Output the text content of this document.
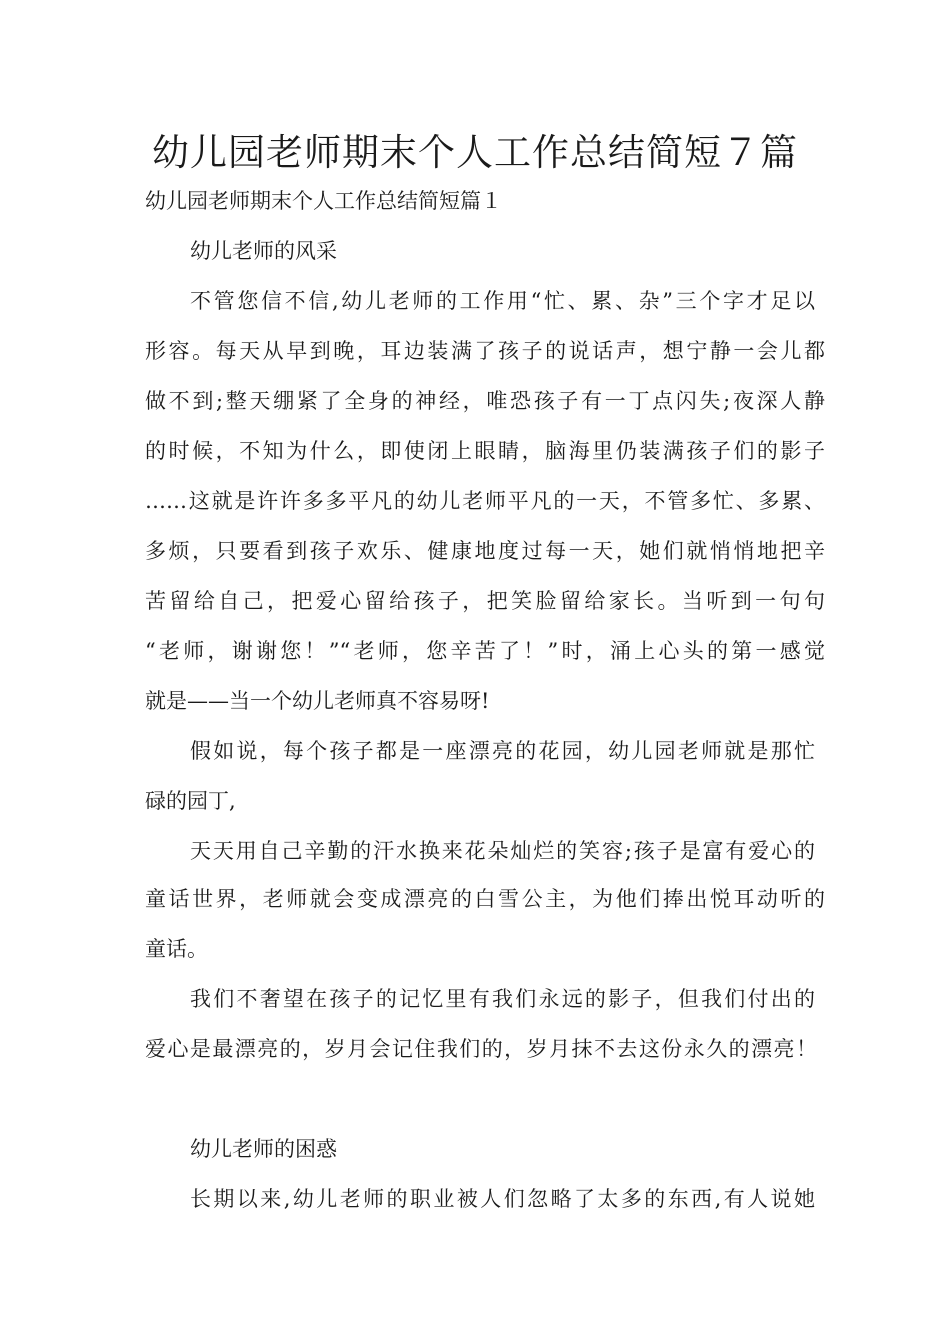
幼儿园老师期末个人工作总结简短７篇

幼儿园老师期末个人工作总结简短篇１

幼儿老师的风采

不管您信不信,幼儿老师的工作用“忙、累、杂”三个字才足以

形容。每天从早到晚，耳边装满了孩子的说话声，想宁静一会儿都

做不到;整天绷紧了全身的神经，唯恐孩子有一丁点闪失;夜深人静

的时候，不知为什么，即使闭上眼睛，脑海里仍装满孩子们的影子

……这就是许许多多平凡的幼儿老师平凡的一天，不管多忙、多累、

多烦，只要看到孩子欢乐、健康地度过每一天，她们就悄悄地把辛

苦留给自己，把爱心留给孩子，把笑脸留给家长。当听到一句句

“老师，谢谢您！”“老师，您辛苦了！”时，涌上心头的第一感觉

就是——当一个幼儿老师真不容易呀!

假如说，每个孩子都是一座漂亮的花园，幼儿园老师就是那忙

碌的园丁,

天天用自己辛勤的汗水换来花朵灿烂的笑容;孩子是富有爱心的

童话世界，老师就会变成漂亮的白雪公主，为他们捧出悦耳动听的

童话。

我们不奢望在孩子的记忆里有我们永远的影子，但我们付出的

爱心是最漂亮的，岁月会记住我们的，岁月抹不去这份永久的漂亮！

幼儿老师的困惑

长期以来,幼儿老师的职业被人们忽略了太多的东西,有人说她
